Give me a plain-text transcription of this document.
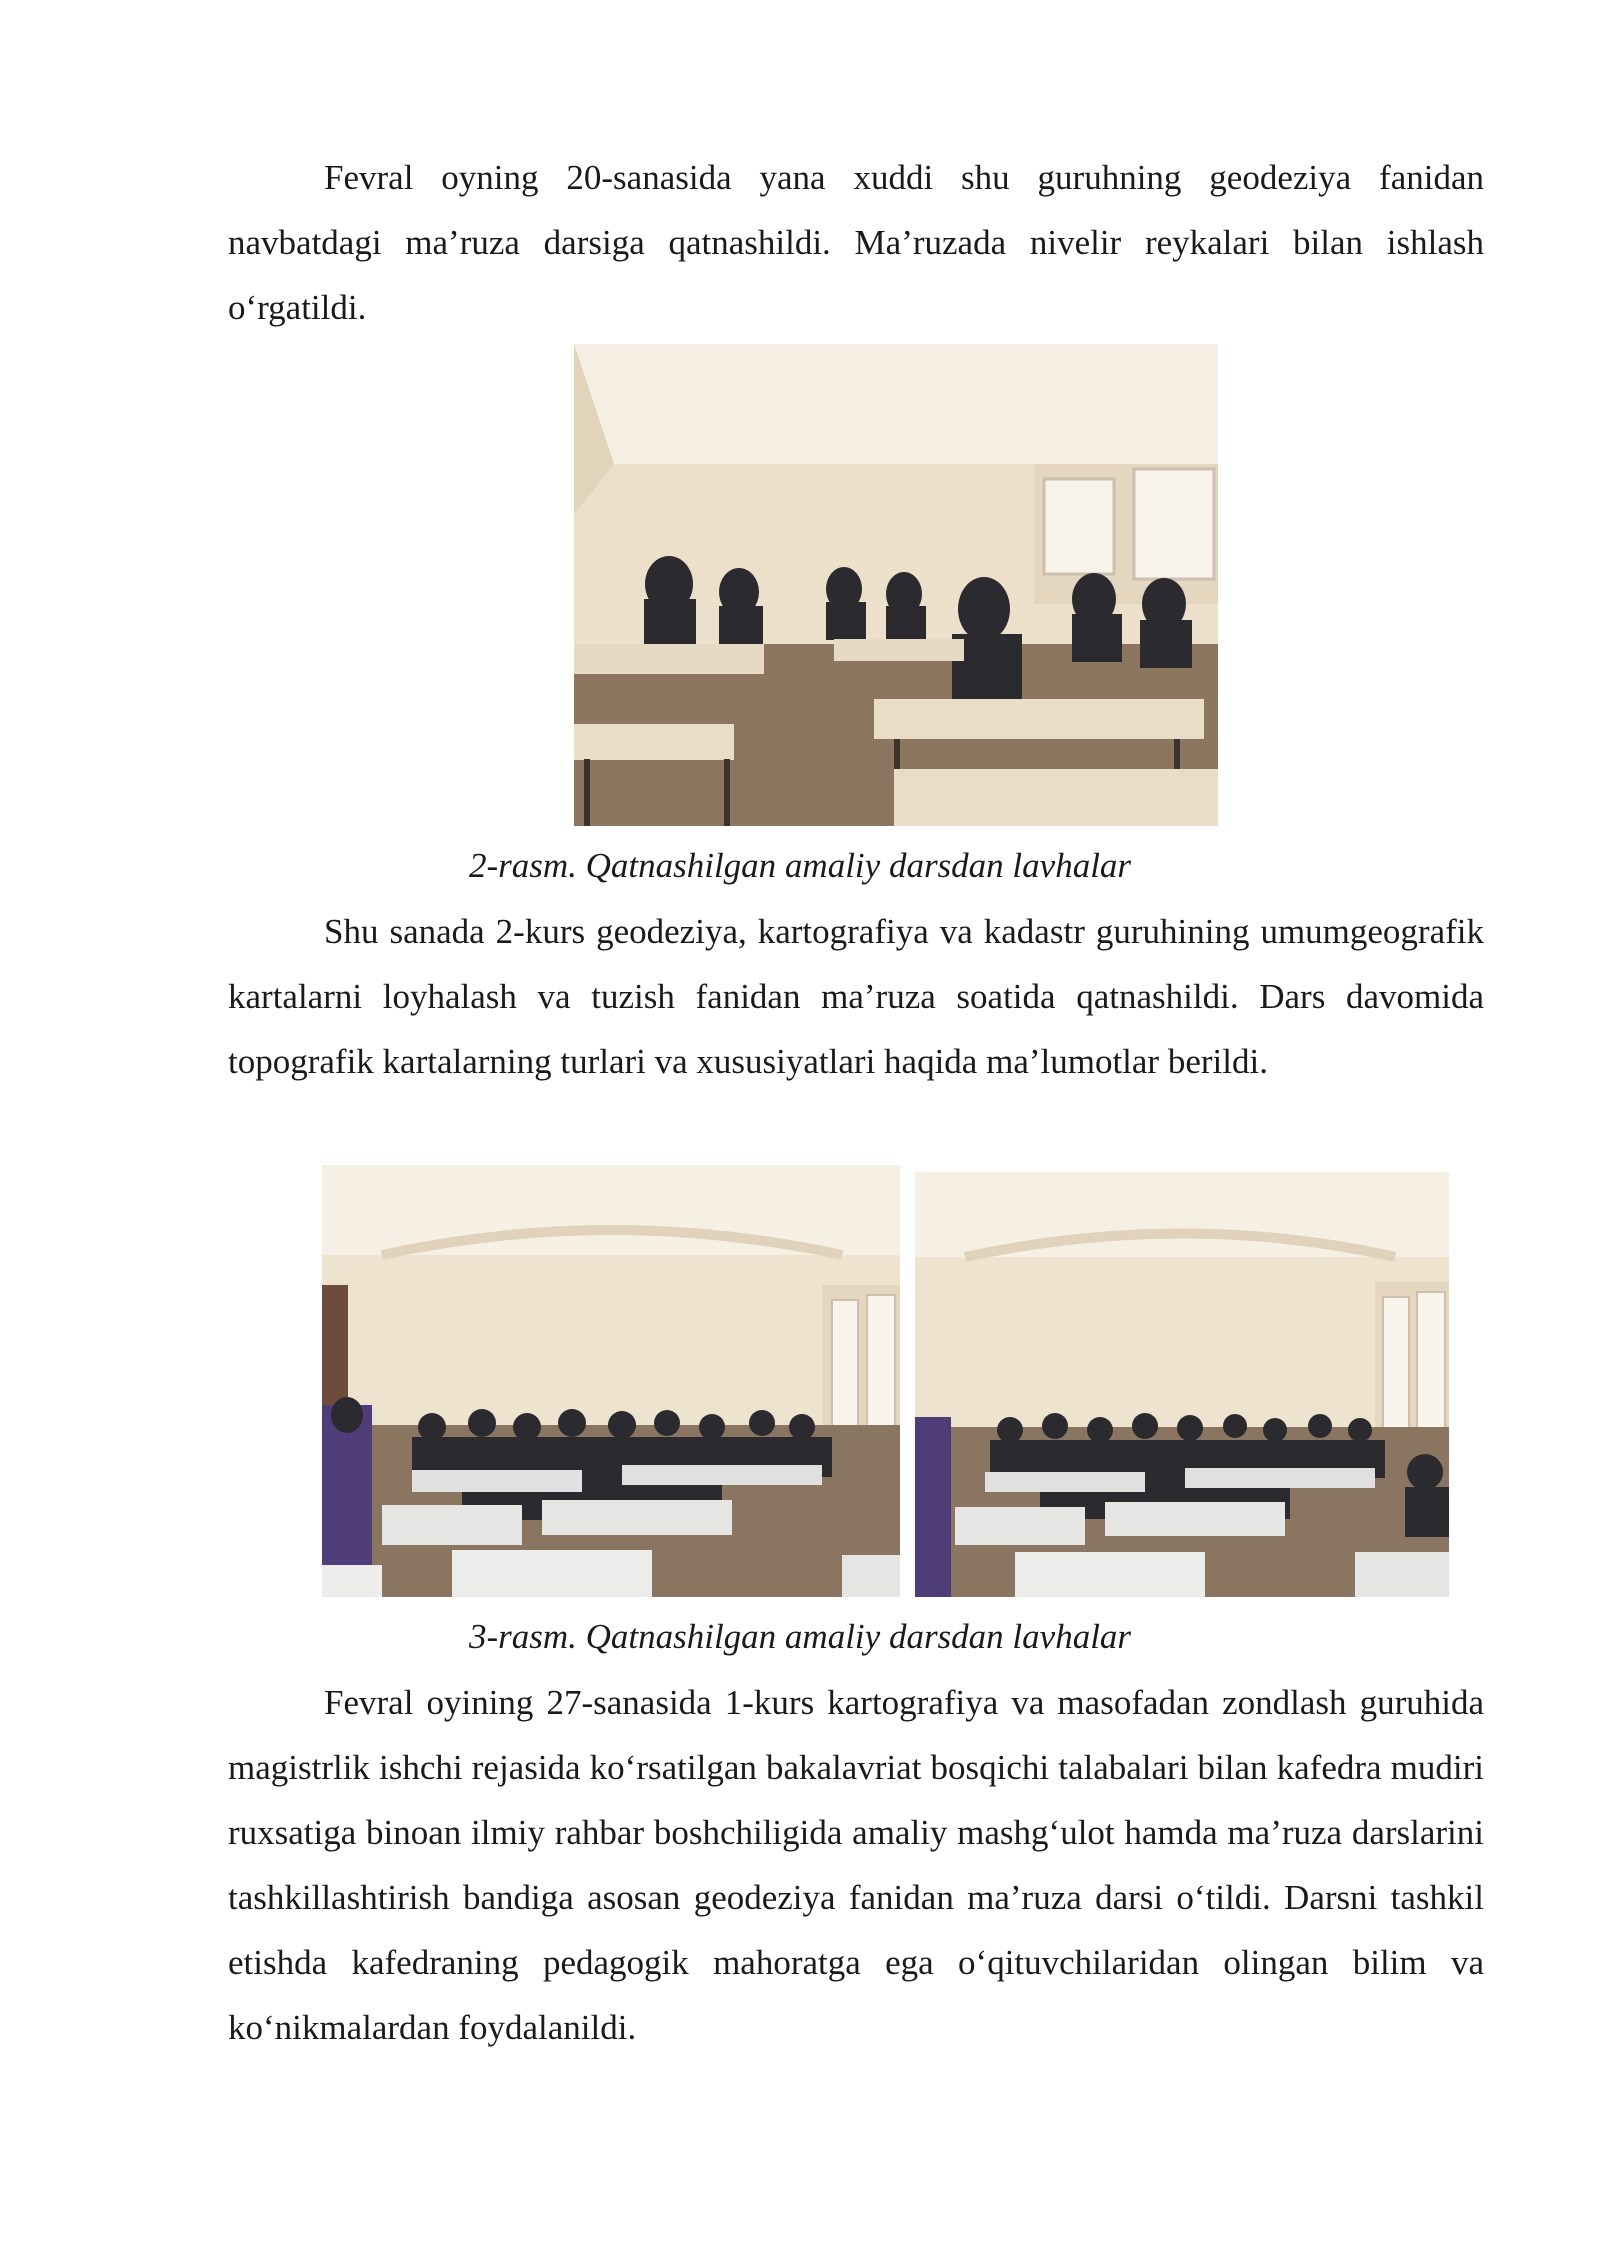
Fevral oyning 20-sanasida yana xuddi shu guruhning geodeziya fanidan navbatdagi ma’ruza darsiga qatnashildi. Ma’ruzada nivelir reykalari bilan ishlash o‘rgatildi.

2-rasm. Qatnashilgan amaliy darsdan lavhalar

Shu sanada 2-kurs geodeziya, kartografiya va kadastr guruhining umumgeografik kartalarni loyhalash va tuzish fanidan ma’ruza soatida qatnashildi. Dars davomida topografik kartalarning turlari va xususiyatlari haqida ma’lumotlar berildi.

3-rasm. Qatnashilgan amaliy darsdan lavhalar

Fevral oyining 27-sanasida 1-kurs kartografiya va masofadan zondlash guruhida magistrlik ishchi rejasida ko‘rsatilgan bakalavriat bosqichi talabalari bilan kafedra mudiri ruxsatiga binoan ilmiy rahbar boshchiligida amaliy mashg‘ulot hamda ma’ruza darslarini tashkillashtirish bandiga asosan geodeziya fanidan ma’ruza darsi o‘tildi. Darsni tashkil etishda kafedraning pedagogik mahoratga ega o‘qituvchilaridan olingan bilim va ko‘nikmalardan foydalanildi.
